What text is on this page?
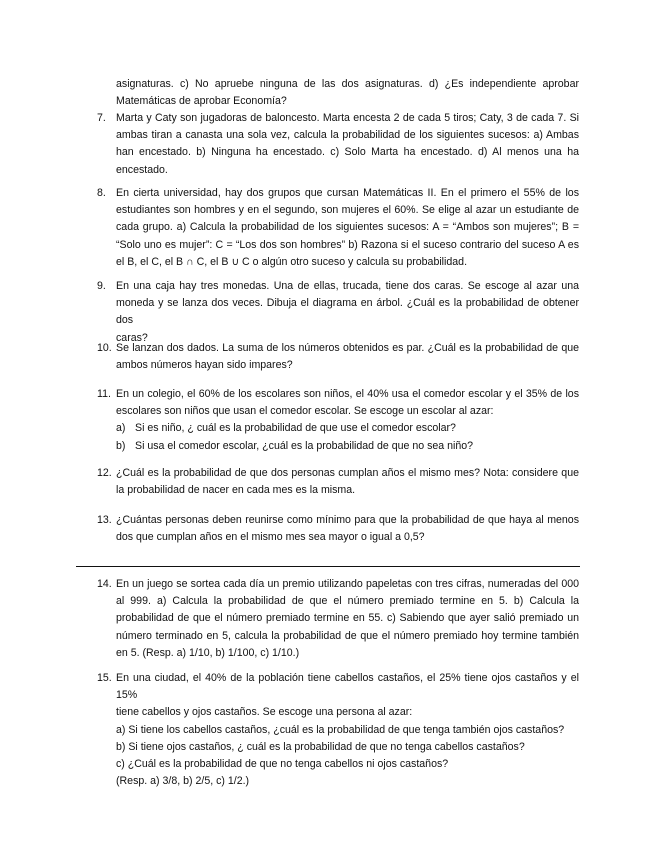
asignaturas. c) No apruebe ninguna de las dos asignaturas. d) ¿Es independiente aprobar
Matemáticas de aprobar Economía?
7. Marta y Caty son jugadoras de baloncesto. Marta encesta 2 de cada 5 tiros; Caty, 3 de cada 7. Si
ambas tiran a canasta una sola vez, calcula la probabilidad de los siguientes sucesos: a) Ambas
han encestado. b) Ninguna ha encestado. c) Solo Marta ha encestado. d) Al menos una ha
encestado.
8. En cierta universidad, hay dos grupos que cursan Matemáticas II. En el primero el 55% de los
estudiantes son hombres y en el segundo, son mujeres el 60%. Se elige al azar un estudiante de
cada grupo. a) Calcula la probabilidad de los siguientes sucesos: A = “Ambos son mujeres”; B =
“Solo uno es mujer”: C = “Los dos son hombres” b) Razona si el suceso contrario del suceso A es
el B, el C, el B ∩ C, el B ∪ C o algún otro suceso y calcula su probabilidad.
9. En una caja hay tres monedas. Una de ellas, trucada, tiene dos caras. Se escoge al azar una
moneda y se lanza dos veces. Dibuja el diagrama en árbol. ¿Cuál es la probabilidad de obtener dos
caras?
10. Se lanzan dos dados. La suma de los números obtenidos es par. ¿Cuál es la probabilidad de que
ambos números hayan sido impares?
11. En un colegio, el 60% de los escolares son niños, el 40% usa el comedor escolar y el 35% de los
escolares son niños que usan el comedor escolar. Se escoge un escolar al azar:
a) Si es niño, ¿ cuál es la probabilidad de que use el comedor escolar?
b) Si usa el comedor escolar, ¿cuál es la probabilidad de que no sea niño?
12. ¿Cuál es la probabilidad de que dos personas cumplan años el mismo mes? Nota: considere que
la probabilidad de nacer en cada mes es la misma.
13. ¿Cuántas personas deben reunirse como mínimo para que la probabilidad de que haya al menos
dos que cumplan años en el mismo mes sea mayor o igual a 0,5?
14. En un juego se sortea cada día un premio utilizando papeletas con tres cifras, numeradas del 000
al 999. a) Calcula la probabilidad de que el número premiado termine en 5. b) Calcula la
probabilidad de que el número premiado termine en 55. c) Sabiendo que ayer salió premiado un
número terminado en 5, calcula la probabilidad de que el número premiado hoy termine también
en 5. (Resp. a) 1/10, b) 1/100, c) 1/10.)
15. En una ciudad, el 40% de la población tiene cabellos castaños, el 25% tiene ojos castaños y el 15%
tiene cabellos y ojos castaños. Se escoge una persona al azar:
a) Si tiene los cabellos castaños, ¿cuál es la probabilidad de que tenga también ojos castaños?
b) Si tiene ojos castaños, ¿ cuál es la probabilidad de que no tenga cabellos castaños?
c) ¿Cuál es la probabilidad de que no tenga cabellos ni ojos castaños?
(Resp. a) 3/8, b) 2/5, c) 1/2.)
